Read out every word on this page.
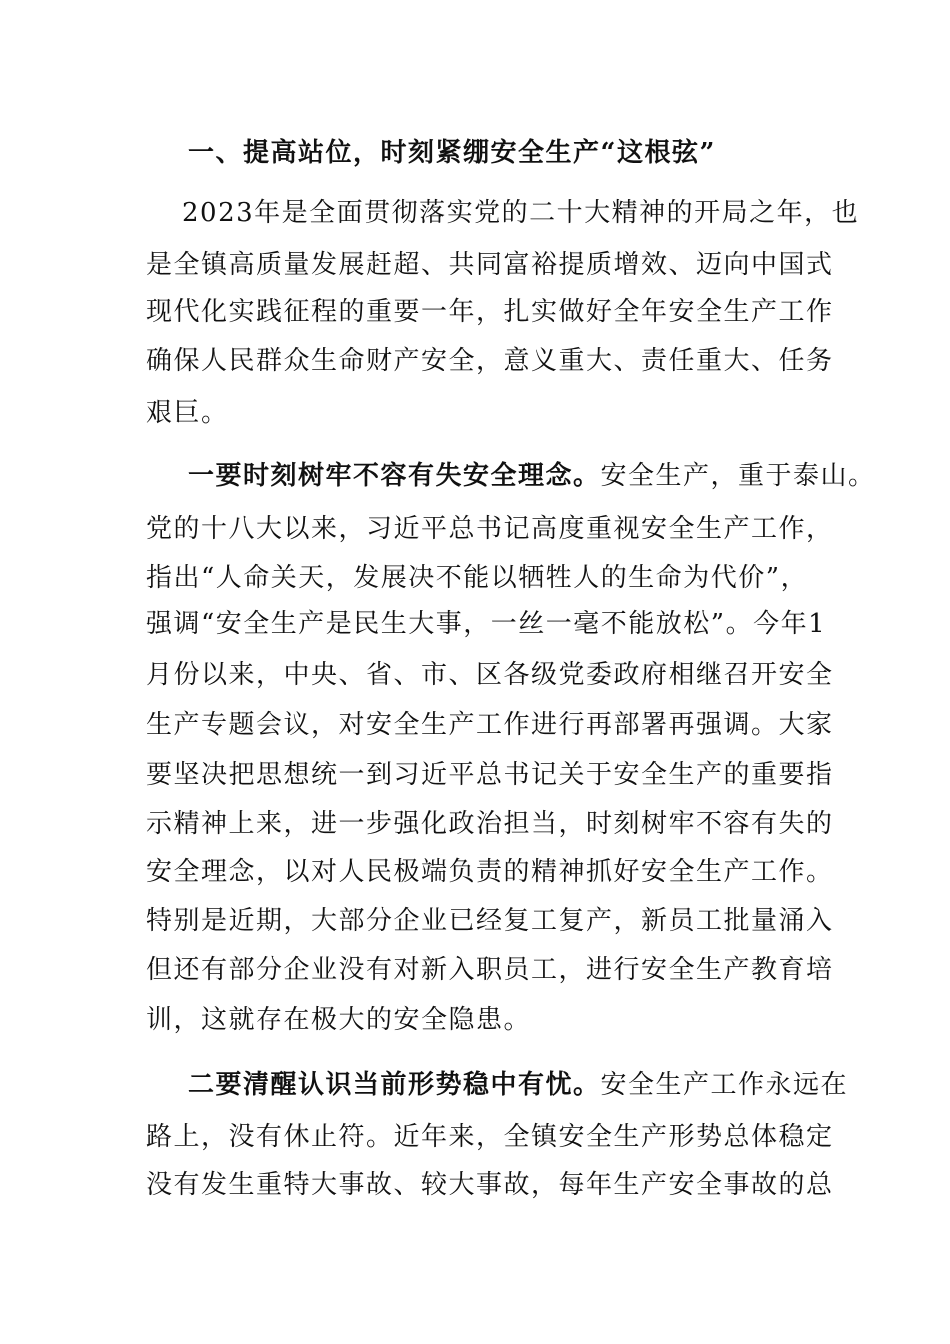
一、提高站位，时刻紧绷安全生产“这根弦”
2023年是全面贯彻落实党的二十大精神的开局之年，也
是全镇高质量发展赶超、共同富裕提质增效、迈向中国式
现代化实践征程的重要一年，扎实做好全年安全生产工作
确保人民群众生命财产安全，意义重大、责任重大、任务
艰巨。
一要时刻树牢不容有失安全理念。安全生产，重于泰山。
党的十八大以来，习近平总书记高度重视安全生产工作，
指出“人命关天，发展决不能以牺牲人的生命为代价”，
强调“安全生产是民生大事，一丝一毫不能放松”。今年1
月份以来，中央、省、市、区各级党委政府相继召开安全
生产专题会议，对安全生产工作进行再部署再强调。大家
要坚决把思想统一到习近平总书记关于安全生产的重要指
示精神上来，进一步强化政治担当，时刻树牢不容有失的
安全理念，以对人民极端负责的精神抓好安全生产工作。
特别是近期，大部分企业已经复工复产，新员工批量涌入
但还有部分企业没有对新入职员工，进行安全生产教育培
训，这就存在极大的安全隐患。
二要清醒认识当前形势稳中有忧。安全生产工作永远在
路上，没有休止符。近年来，全镇安全生产形势总体稳定
没有发生重特大事故、较大事故，每年生产安全事故的总
